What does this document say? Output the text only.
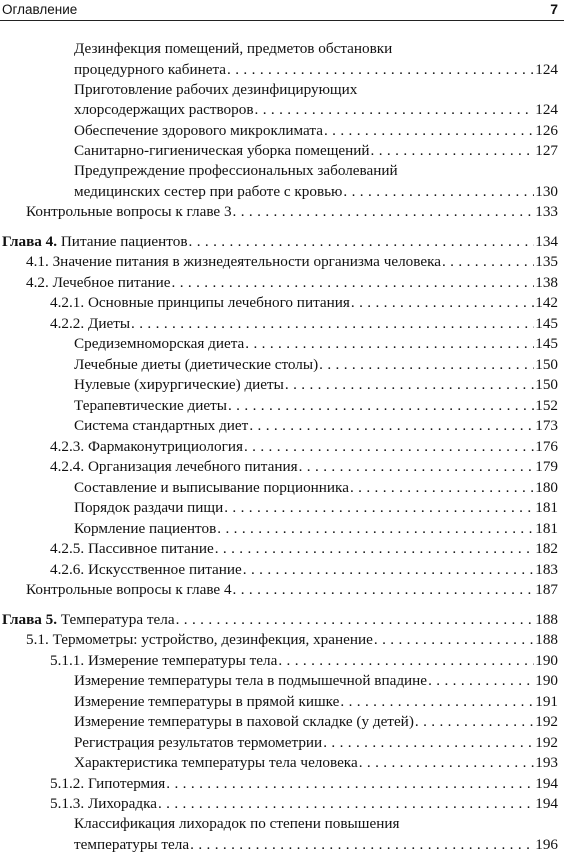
Оглавление	7
Дезинфекция помещений, предметов обстановки
процедурного кабинета . . .	124
Приготовление рабочих дезинфицирующих
хлорсодержащих растворов . . .	124
Обеспечение здорового микроклимата . . .	126
Санитарно-гигиеническая уборка помещений . . .	127
Предупреждение профессиональных заболеваний
медицинских сестер при работе с кровью . . .	130
Контрольные вопросы к главе 3 . . .	133
Глава 4. Питание пациентов . . .	134
4.1. Значение питания в жизнедеятельности организма человека . . .	135
4.2. Лечебное питание . . .	138
4.2.1. Основные принципы лечебного питания . . .	142
4.2.2. Диеты . . .	145
Средиземноморская диета . . .	145
Лечебные диеты (диетические столы) . . .	150
Нулевые (хирургические) диеты . . .	150
Терапевтические диеты . . .	152
Система стандартных диет . . .	173
4.2.3. Фармаконутрициология . . .	176
4.2.4. Организация лечебного питания . . .	179
Составление и выписывание порционника . . .	180
Порядок раздачи пищи . . .	181
Кормление пациентов . . .	181
4.2.5. Пассивное питание . . .	182
4.2.6. Искусственное питание . . .	183
Контрольные вопросы к главе 4 . . .	187
Глава 5. Температура тела . . .	188
5.1. Термометры: устройство, дезинфекция, хранение . . .	188
5.1.1. Измерение температуры тела . . .	190
Измерение температуры тела в подмышечной впадине . . .	190
Измерение температуры в прямой кишке . . .	191
Измерение температуры в паховой складке (у детей) . . .	192
Регистрация результатов термометрии . . .	192
Характеристика температуры тела человека . . .	193
5.1.2. Гипотермия . . .	194
5.1.3. Лихорадка . . .	194
Классификация лихорадок по степени повышения
температуры тела . . .	196
